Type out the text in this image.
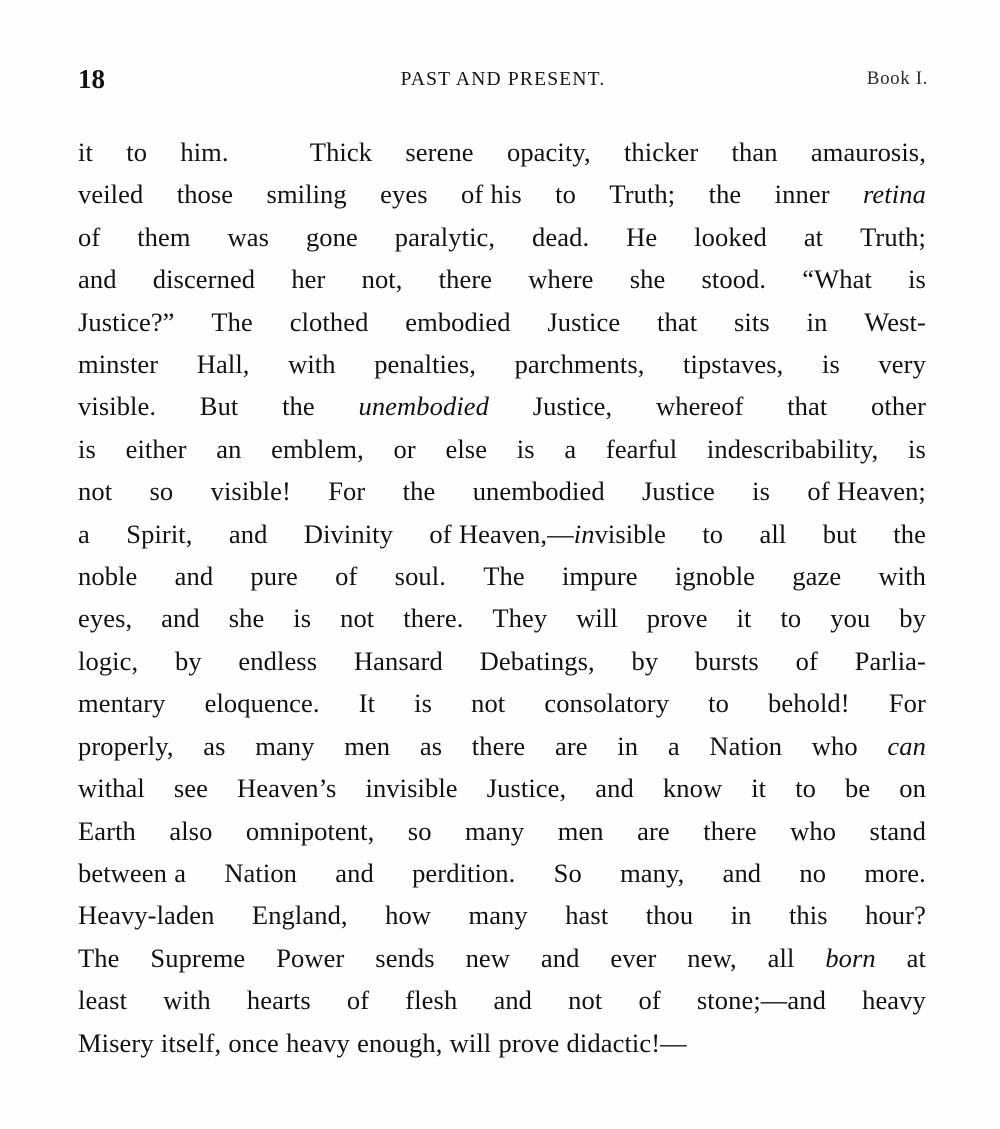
18	PAST AND PRESENT.	Book I.
it to him.	Thick serene opacity, thicker than amaurosis,
veiled those smiling eyes of his to Truth; the inner retina
of them was gone paralytic, dead. He looked at Truth;
and discerned her not, there where she stood. “What is
Justice?” The clothed embodied Justice that sits in West-
minster Hall, with penalties, parchments, tipstaves, is very
visible. But the unembodied Justice, whereof that other
is either an emblem, or else is a fearful indescribability, is
not so visible! For the unembodied Justice is of Heaven;
a Spirit, and Divinity of Heaven,—invisible to all but the
noble and pure of soul. The impure ignoble gaze with
eyes, and she is not there. They will prove it to you by
logic, by endless Hansard Debatings, by bursts of Parlia-
mentary eloquence. It is not consolatory to behold! For
properly, as many men as there are in a Nation who can
withal see Heaven’s invisible Justice, and know it to be on
Earth also omnipotent, so many men are there who stand
between a Nation and perdition. So many, and no more.
Heavy-laden England, how many hast thou in this hour?
The Supreme Power sends new and ever new, all born at
least with hearts of flesh and not of stone;—and heavy
Misery itself, once heavy enough, will prove didactic!—
